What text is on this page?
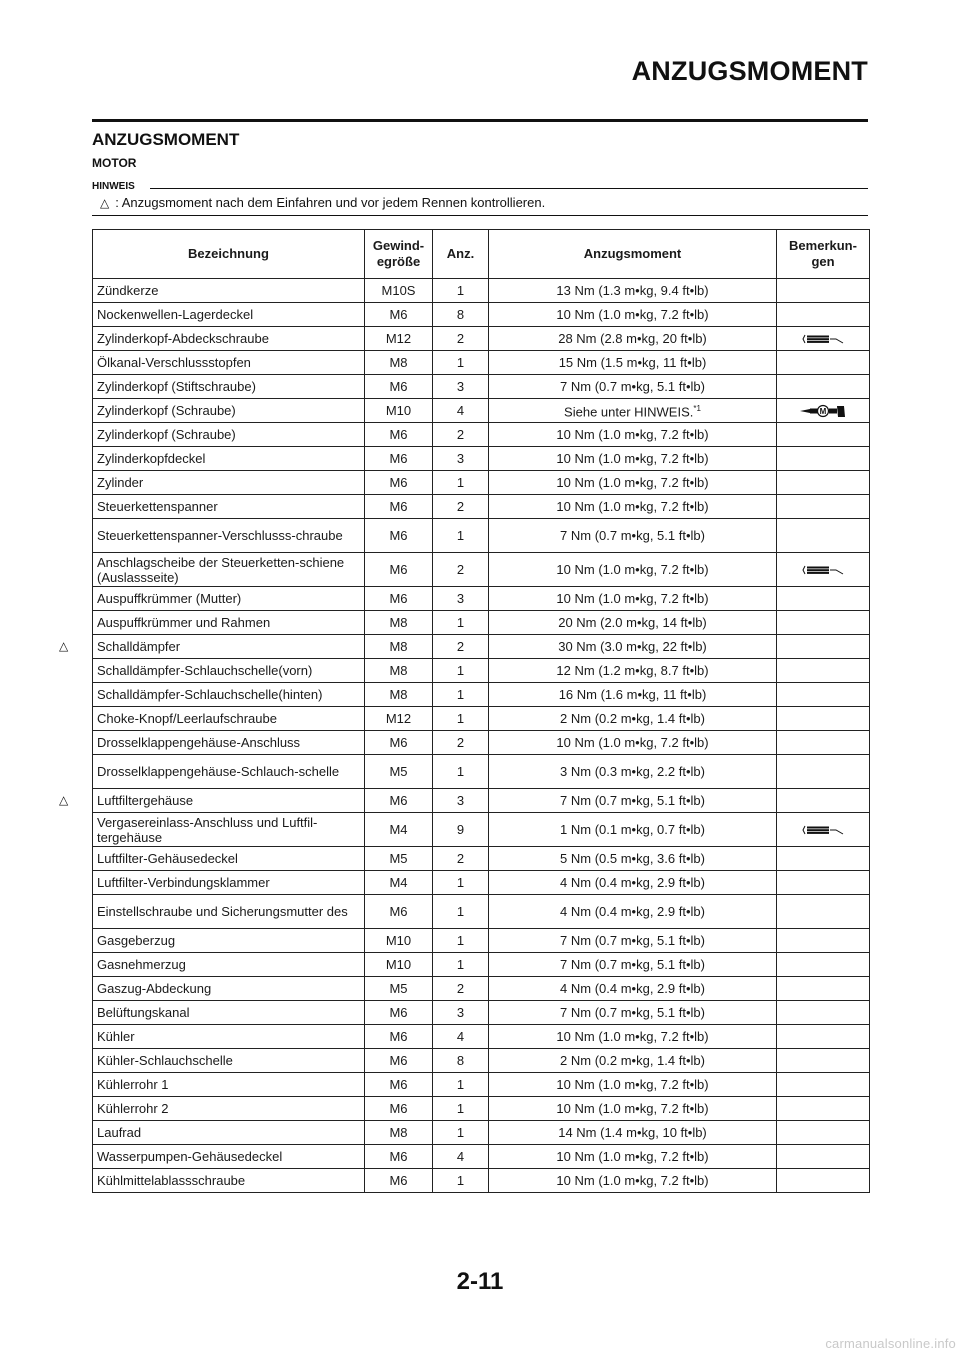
ANZUGSMOMENT
ANZUGSMOMENT
MOTOR
HINWEIS
△ : Anzugsmoment nach dem Einfahren und vor jedem Rennen kontrollieren.
Bezeichnung	Gewind-egröße	Anz.	Anzugsmoment	Bemerkun-gen
Zündkerze	M10S	1	13 Nm (1.3 m•kg, 9.4 ft•lb)	
Nockenwellen-Lagerdeckel	M6	8	10 Nm (1.0 m•kg, 7.2 ft•lb)	
Zylinderkopf-Abdeckschraube	M12	2	28 Nm (2.8 m•kg, 20 ft•lb)	

Ölkanal-Verschlussstopfen	M8	1	15 Nm (1.5 m•kg, 11 ft•lb)	
Zylinderkopf (Stiftschraube)	M6	3	7 Nm (0.7 m•kg, 5.1 ft•lb)	
Zylinderkopf (Schraube)	M10	4	Siehe unter HINWEIS.$^{*1}$	M

Zylinderkopf (Schraube)	M6	2	10 Nm (1.0 m•kg, 7.2 ft•lb)	
Zylinderkopfdeckel	M6	3	10 Nm (1.0 m•kg, 7.2 ft•lb)	
Zylinder	M6	1	10 Nm (1.0 m•kg, 7.2 ft•lb)	
Steuerkettenspanner	M6	2	10 Nm (1.0 m•kg, 7.2 ft•lb)	
Steuerkettenspanner-Verschlusss-chraube	M6	1	7 Nm (0.7 m•kg, 5.1 ft•lb)	
Anschlagscheibe der Steuerketten-schiene (Auslassseite)	M6	2	10 Nm (1.0 m•kg, 7.2 ft•lb)	

Auspuffkrümmer (Mutter)	M6	3	10 Nm (1.0 m•kg, 7.2 ft•lb)	
Auspuffkrümmer und Rahmen	M8	1	20 Nm (2.0 m•kg, 14 ft•lb)	
Schalldämpfer	M8	2	30 Nm (3.0 m•kg, 22 ft•lb)	
Schalldämpfer-Schlauchschelle(vorn)	M8	1	12 Nm (1.2 m•kg, 8.7 ft•lb)	
Schalldämpfer-Schlauchschelle(hinten)	M8	1	16 Nm (1.6 m•kg, 11 ft•lb)	
Choke-Knopf/Leerlaufschraube	M12	1	2 Nm (0.2 m•kg, 1.4 ft•lb)	
Drosselklappengehäuse-Anschluss	M6	2	10 Nm (1.0 m•kg, 7.2 ft•lb)	
Drosselklappengehäuse-Schlauch-schelle	M5	1	3 Nm (0.3 m•kg, 2.2 ft•lb)	
Luftfiltergehäuse	M6	3	7 Nm (0.7 m•kg, 5.1 ft•lb)	
Vergasereinlass-Anschluss und Luftfil-tergehäuse	M4	9	1 Nm (0.1 m•kg, 0.7 ft•lb)	

Luftfilter-Gehäusedeckel	M5	2	5 Nm (0.5 m•kg, 3.6 ft•lb)	
Luftfilter-Verbindungsklammer	M4	1	4 Nm (0.4 m•kg, 2.9 ft•lb)	
Einstellschraube und Sicherungsmutter des	M6	1	4 Nm (0.4 m•kg, 2.9 ft•lb)	
Gasgeberzug	M10	1	7 Nm (0.7 m•kg, 5.1 ft•lb)	
Gasnehmerzug	M10	1	7 Nm (0.7 m•kg, 5.1 ft•lb)	
Gaszug-Abdeckung	M5	2	4 Nm (0.4 m•kg, 2.9 ft•lb)	
Belüftungskanal	M6	3	7 Nm (0.7 m•kg, 5.1 ft•lb)	
Kühler	M6	4	10 Nm (1.0 m•kg, 7.2 ft•lb)	
Kühler-Schlauchschelle	M6	8	2 Nm (0.2 m•kg, 1.4 ft•lb)	
Kühlerrohr 1	M6	1	10 Nm (1.0 m•kg, 7.2 ft•lb)	
Kühlerrohr 2	M6	1	10 Nm (1.0 m•kg, 7.2 ft•lb)	
Laufrad	M8	1	14 Nm (1.4 m•kg, 10 ft•lb)	
Wasserpumpen-Gehäusedeckel	M6	4	10 Nm (1.0 m•kg, 7.2 ft•lb)	
Kühlmittelablassschraube	M6	1	10 Nm (1.0 m•kg, 7.2 ft•lb)	
△
△
2-11
carmanualsonline.info
